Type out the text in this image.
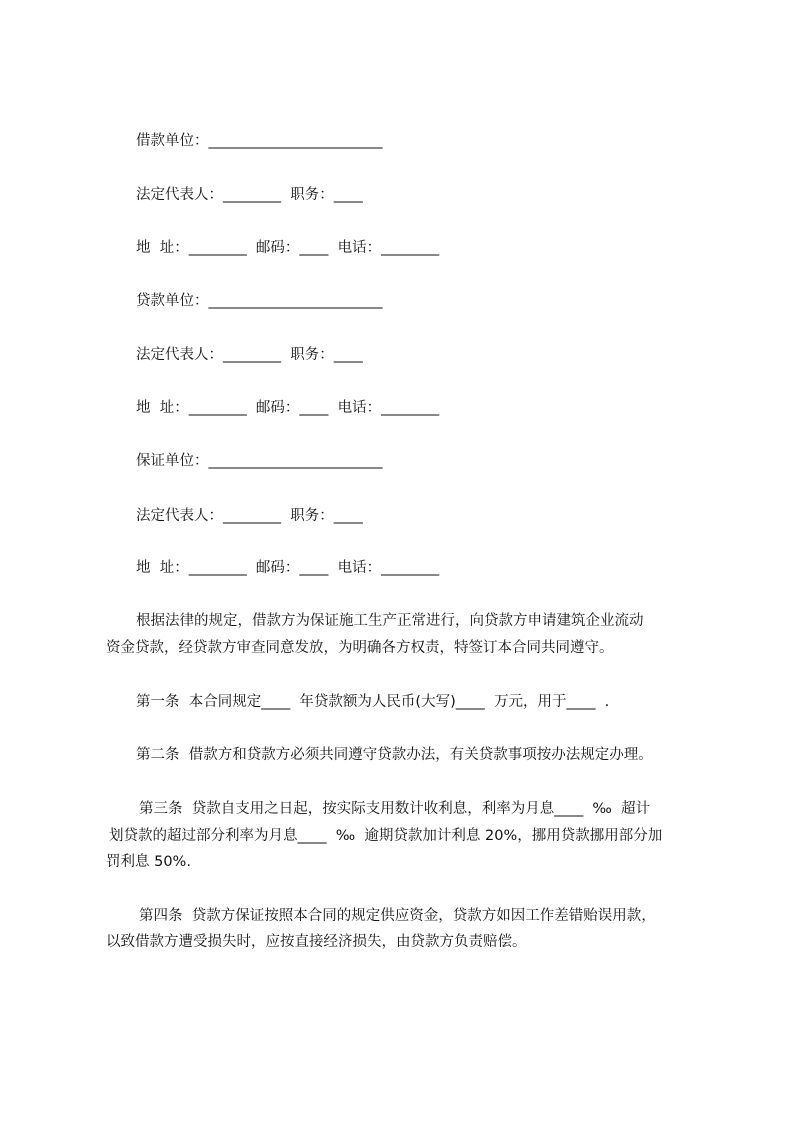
借款单位：________________________
法定代表人：________  职务：____
地  址：________  邮码：____  电话：________
贷款单位：________________________
法定代表人：________  职务：____
地  址：________  邮码：____  电话：________
保证单位：________________________
法定代表人：________  职务：____
地  址：________  邮码：____  电话：________
根据法律的规定，借款方为保证施工生产正常进行，向贷款方申请建筑企业流动
资金贷款，经贷款方审查同意发放，为明确各方权责，特签订本合同共同遵守。
第一条  本合同规定____  年贷款额为人民币(大写)____  万元，用于____  .
第二条  借款方和贷款方必须共同遵守贷款办法，有关贷款事项按办法规定办理。
第三条  贷款自支用之日起，按实际支用数计收利息，利率为月息____  ‰  超计
划贷款的超过部分利率为月息____  ‰  逾期贷款加计利息 20%，挪用贷款挪用部分加
罚利息 50%.
第四条  贷款方保证按照本合同的规定供应资金，贷款方如因工作差错贻误用款，
以致借款方遭受损失时，应按直接经济损失，由贷款方负责赔偿。
